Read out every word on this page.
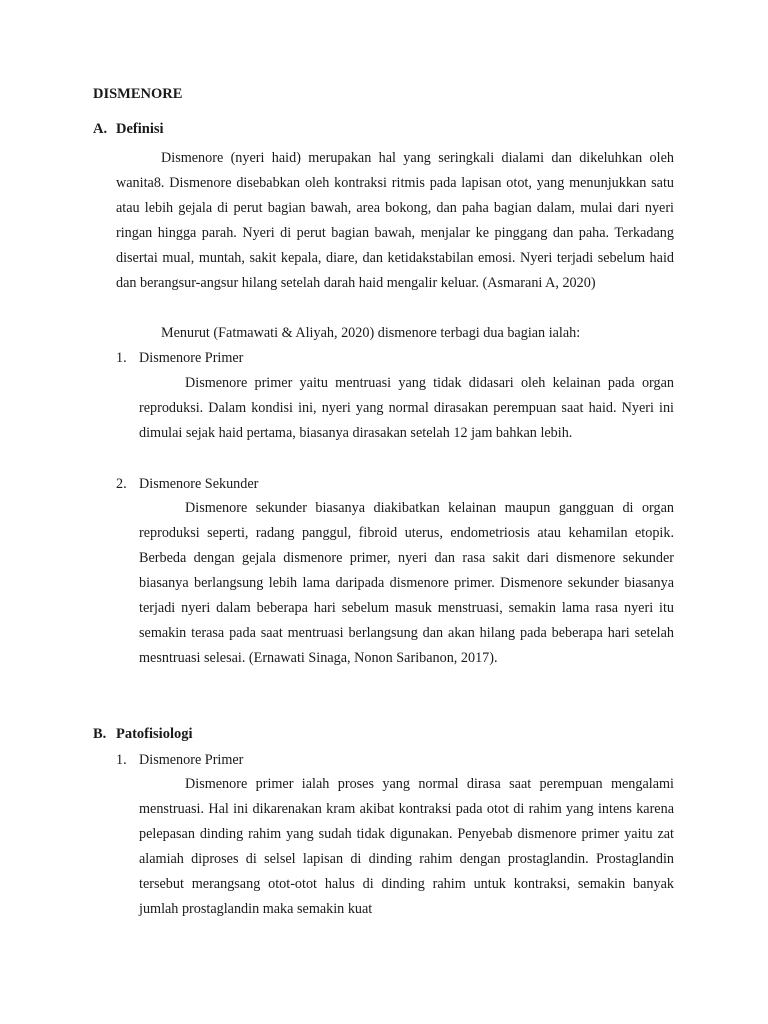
DISMENORE
A. Definisi

Dismenore (nyeri haid) merupakan hal yang seringkali dialami dan dikeluhkan oleh wanita8. Dismenore disebabkan oleh kontraksi ritmis pada lapisan otot, yang menunjukkan satu atau lebih gejala di perut bagian bawah, area bokong, dan paha bagian dalam, mulai dari nyeri ringan hingga parah. Nyeri di perut bagian bawah, menjalar ke pinggang dan paha. Terkadang disertai mual, muntah, sakit kepala, diare, dan ketidakstabilan emosi. Nyeri terjadi sebelum haid dan berangsur-angsur hilang setelah darah haid mengalir keluar. (Asmarani A, 2020)

Menurut (Fatmawati & Aliyah, 2020) dismenore terbagi dua bagian ialah:

1. Dismenore Primer

Dismenore primer yaitu mentruasi yang tidak didasari oleh kelainan pada organ reproduksi. Dalam kondisi ini, nyeri yang normal dirasakan perempuan saat haid. Nyeri ini dimulai sejak haid pertama, biasanya dirasakan setelah 12 jam bahkan lebih.

2. Dismenore Sekunder

Dismenore sekunder biasanya diakibatkan kelainan maupun gangguan di organ reproduksi seperti, radang panggul, fibroid uterus, endometriosis atau kehamilan etopik. Berbeda dengan gejala dismenore primer, nyeri dan rasa sakit dari dismenore sekunder biasanya berlangsung lebih lama daripada dismenore primer. Dismenore sekunder biasanya terjadi nyeri dalam beberapa hari sebelum masuk menstruasi, semakin lama rasa nyeri itu semakin terasa pada saat mentruasi berlangsung dan akan hilang pada beberapa hari setelah mesntruasi selesai. (Ernawati Sinaga, Nonon Saribanon, 2017).

B. Patofisiologi
1. Dismenore Primer

Dismenore primer ialah proses yang normal dirasa saat perempuan mengalami menstruasi. Hal ini dikarenakan kram akibat kontraksi pada otot di rahim yang intens karena pelepasan dinding rahim yang sudah tidak digunakan. Penyebab dismenore primer yaitu zat alamiah diproses di selsel lapisan di dinding rahim dengan prostaglandin. Prostaglandin tersebut merangsang otot-otot halus di dinding rahim untuk kontraksi, semakin banyak jumlah prostaglandin maka semakin kuat
